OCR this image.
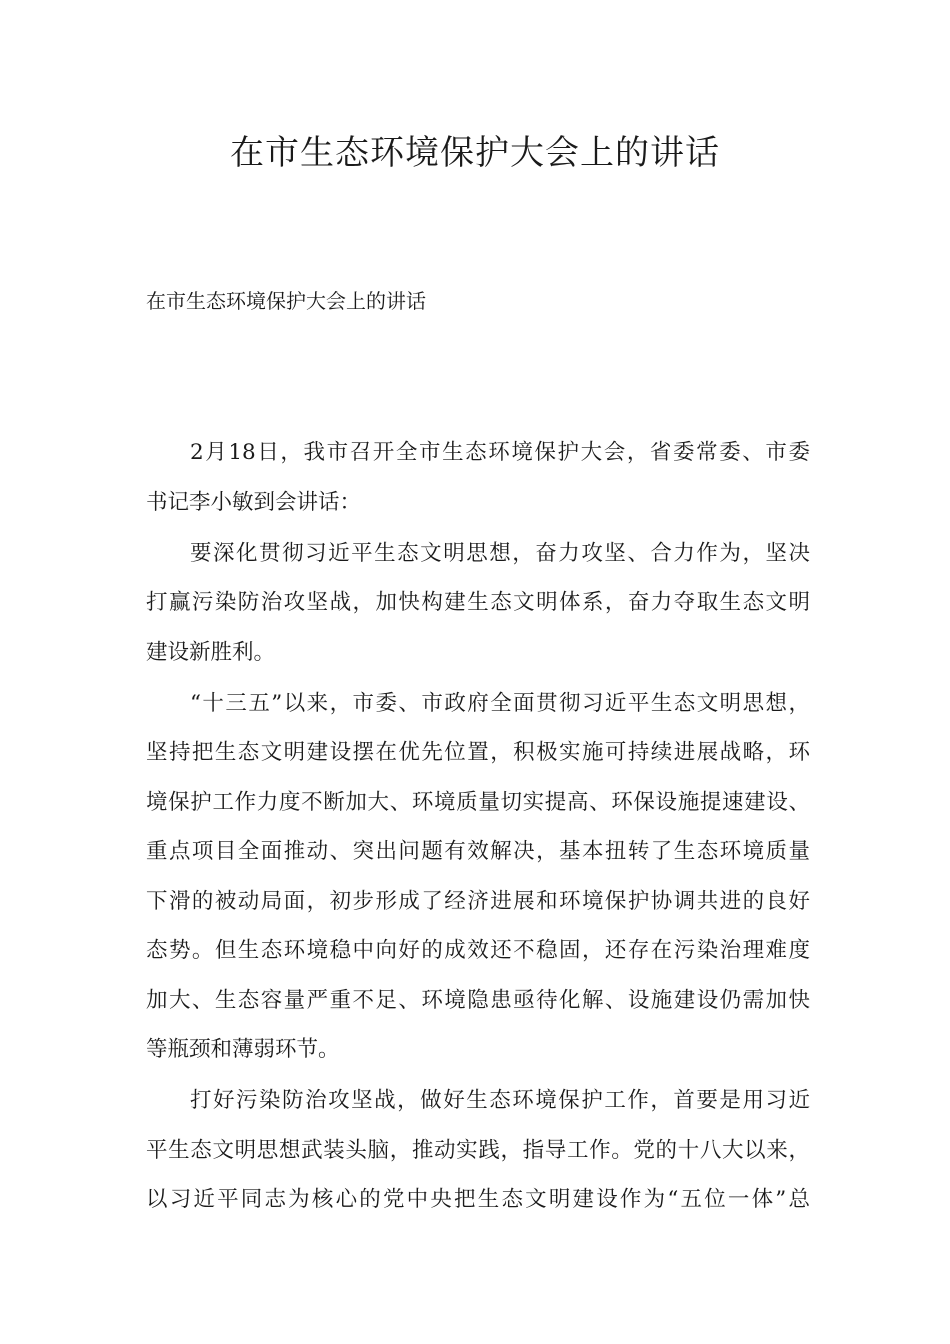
在市生态环境保护大会上的讲话

在市生态环境保护大会上的讲话

2月18日，我市召开全市生态环境保护大会，省委常委、市委
书记李小敏到会讲话：
要深化贯彻习近平生态文明思想，奋力攻坚、合力作为，坚决
打赢污染防治攻坚战，加快构建生态文明体系，奋力夺取生态文明
建设新胜利。
“十三五”以来，市委、市政府全面贯彻习近平生态文明思想，
坚持把生态文明建设摆在优先位置，积极实施可持续进展战略，环
境保护工作力度不断加大、环境质量切实提高、环保设施提速建设、
重点项目全面推动、突出问题有效解决，基本扭转了生态环境质量
下滑的被动局面，初步形成了经济进展和环境保护协调共进的良好
态势。但生态环境稳中向好的成效还不稳固，还存在污染治理难度
加大、生态容量严重不足、环境隐患亟待化解、设施建设仍需加快
等瓶颈和薄弱环节。
打好污染防治攻坚战，做好生态环境保护工作，首要是用习近
平生态文明思想武装头脑，推动实践，指导工作。党的十八大以来，
以习近平同志为核心的党中央把生态文明建设作为“五位一体”总
